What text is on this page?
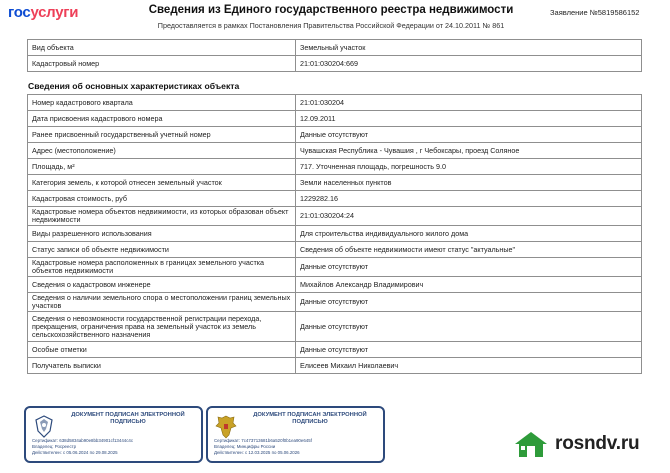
госуслуги	Сведения из Единого государственного реестра недвижимости
Предоставляется в рамках Постановления Правительства Российской Федерации от 24.10.2011 № 861
Заявление №5819586152
Вид объекта	Земельный участок
Кадастровый номер	21:01:030204:669
Сведения об основных характеристиках объекта
Номер кадастрового квартала	21:01:030204
Дата присвоения кадастрового номера	12.09.2011
Ранее присвоенный государственный учетный номер	Данные отсутствуют
Адрес (местоположение)	Чувашская Республика - Чувашия , г Чебоксары, проезд Соляное
Площадь, м²	717. Уточненная площадь, погрешность 9.0
Категория земель, к которой отнесен земельный участок	Земли населенных пунктов
Кадастровая стоимость, руб	1229282.16
Кадастровые номера объектов недвижимости, из которых образован объект недвижимости	21:01:030204:24
Виды разрешенного использования	Для строительства индивидуального жилого дома
Статус записи об объекте недвижимости	Сведения об объекте недвижимости имеют статус "актуальные"
Кадастровые номера расположенных в границах земельного участка объектов недвижимости	Данные отсутствуют
Сведения о кадастровом инженере	Михайлов Александр Владимирович
Сведения о наличии земельного спора о местоположении границ земельных участков	Данные отсутствуют
Сведения о невозможности государственной регистрации перехода, прекращения, ограничения права на земельный участок из земель сельскохозяйственного назначения	Данные отсутствуют
Особые отметки	Данные отсутствуют
Получатель выписки	Елисеев Михаил Николаевич
ДОКУМЕНТ ПОДПИСАН ЭЛЕКТРОННОЙ ПОДПИСЬЮ
Сертификат: 638d5834ab90e8bb34901cf13444c4c
Владелец: Росреестр
Действителен: с 05.06.2024 по 29.08.2025
ДОКУМЕНТ ПОДПИСАН ЭЛЕКТРОННОЙ ПОДПИСЬЮ
Сертификат: 7c473713681b6a520f0b1ea90e645f
Владелец: Минцифры России
Действителен: с 12.03.2025 по 05.06.2026	rosndv.ru
